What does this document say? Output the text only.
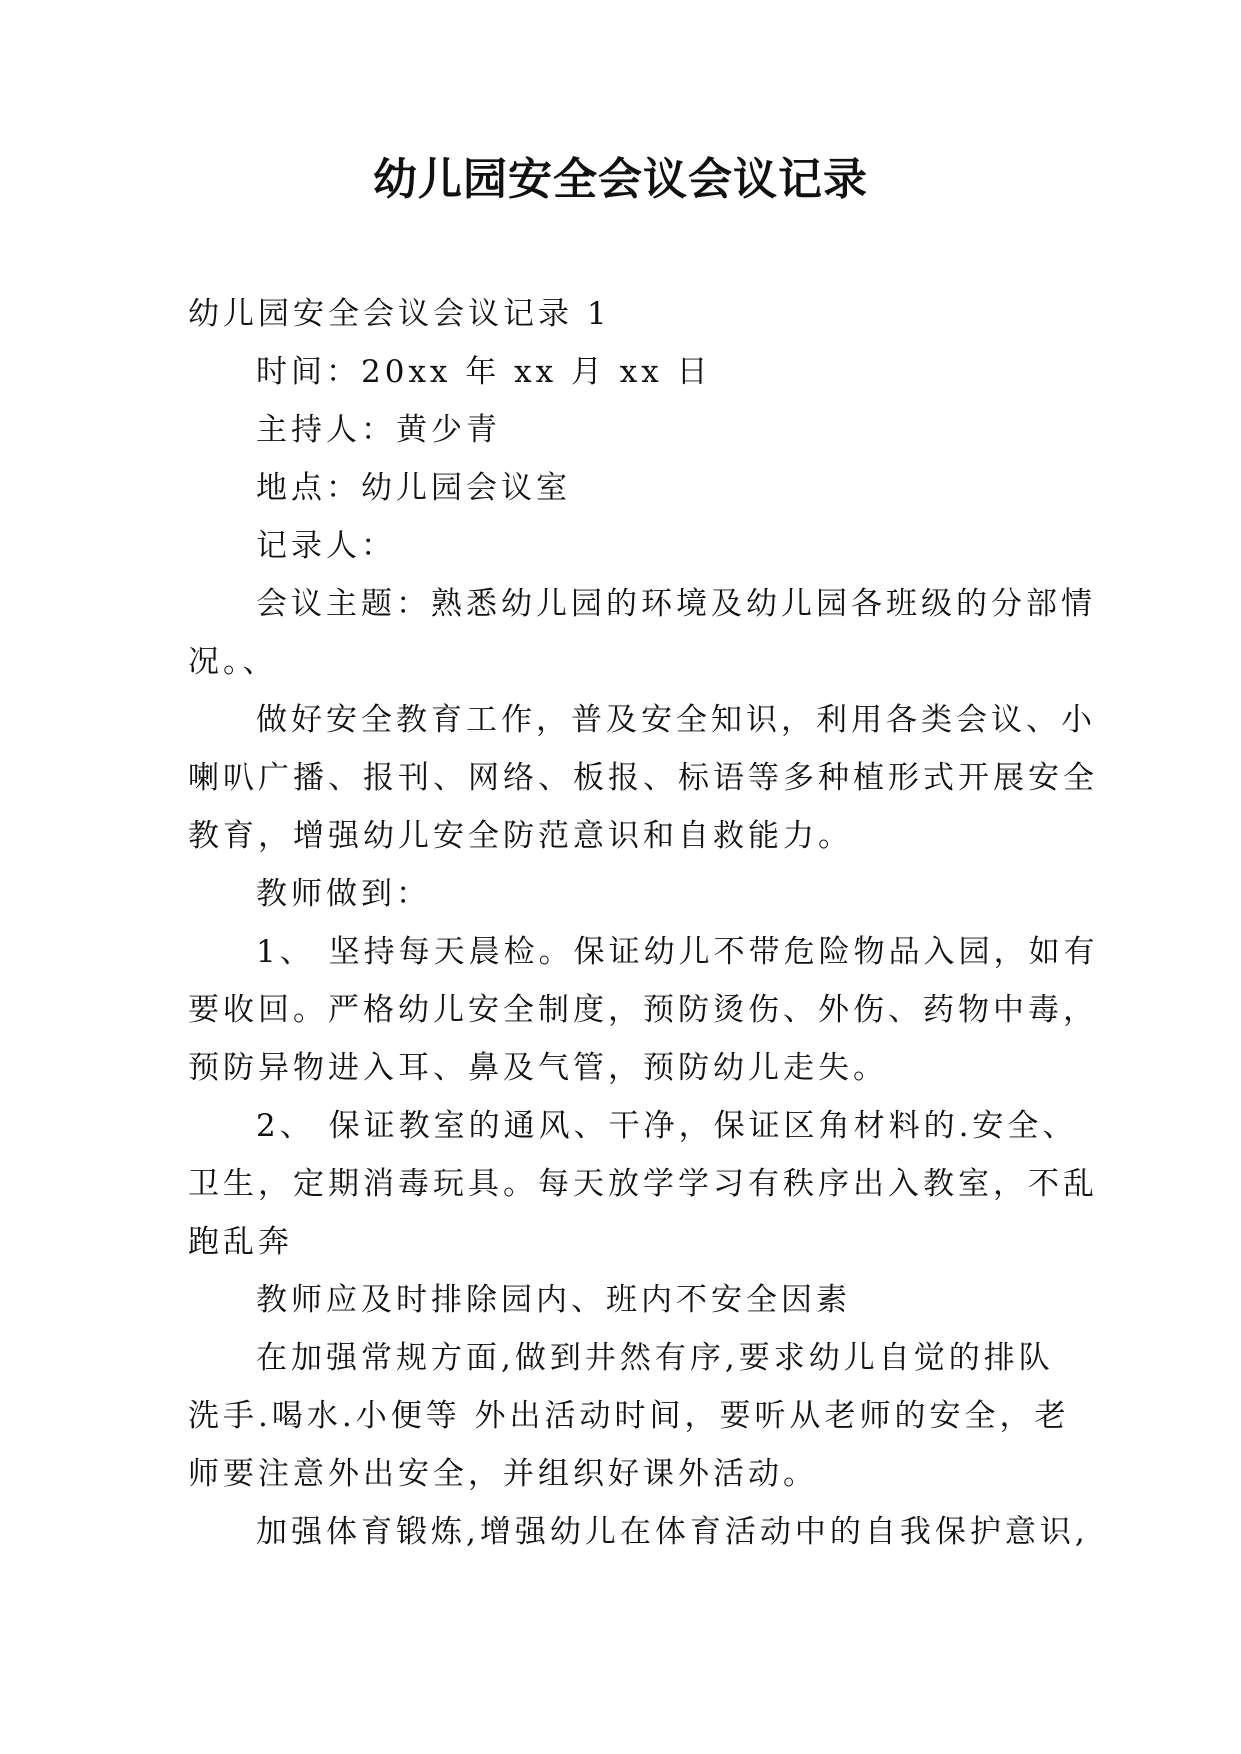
幼儿园安全会议会议记录

幼儿园安全会议会议记录 1

时间：20xx 年 xx 月 xx 日

主持人：黄少青

地点：幼儿园会议室

记录人：

会议主题：熟悉幼儿园的环境及幼儿园各班级的分部情

况。、

做好安全教育工作，普及安全知识，利用各类会议、小

喇叭广播、报刊、网络、板报、标语等多种植形式开展安全

教育，增强幼儿安全防范意识和自救能力。

教师做到：

1、 坚持每天晨检。保证幼儿不带危险物品入园，如有

要收回。严格幼儿安全制度，预防烫伤、外伤、药物中毒，

预防异物进入耳、鼻及气管，预防幼儿走失。

2、 保证教室的通风、干净，保证区角材料的.安全、

卫生，定期消毒玩具。每天放学学习有秩序出入教室，不乱

跑乱奔

教师应及时排除园内、班内不安全因素

在加强常规方面,做到井然有序,要求幼儿自觉的排队

洗手.喝水.小便等 外出活动时间，要听从老师的安全，老

师要注意外出安全，并组织好课外活动。

加强体育锻炼,增强幼儿在体育活动中的自我保护意识,
